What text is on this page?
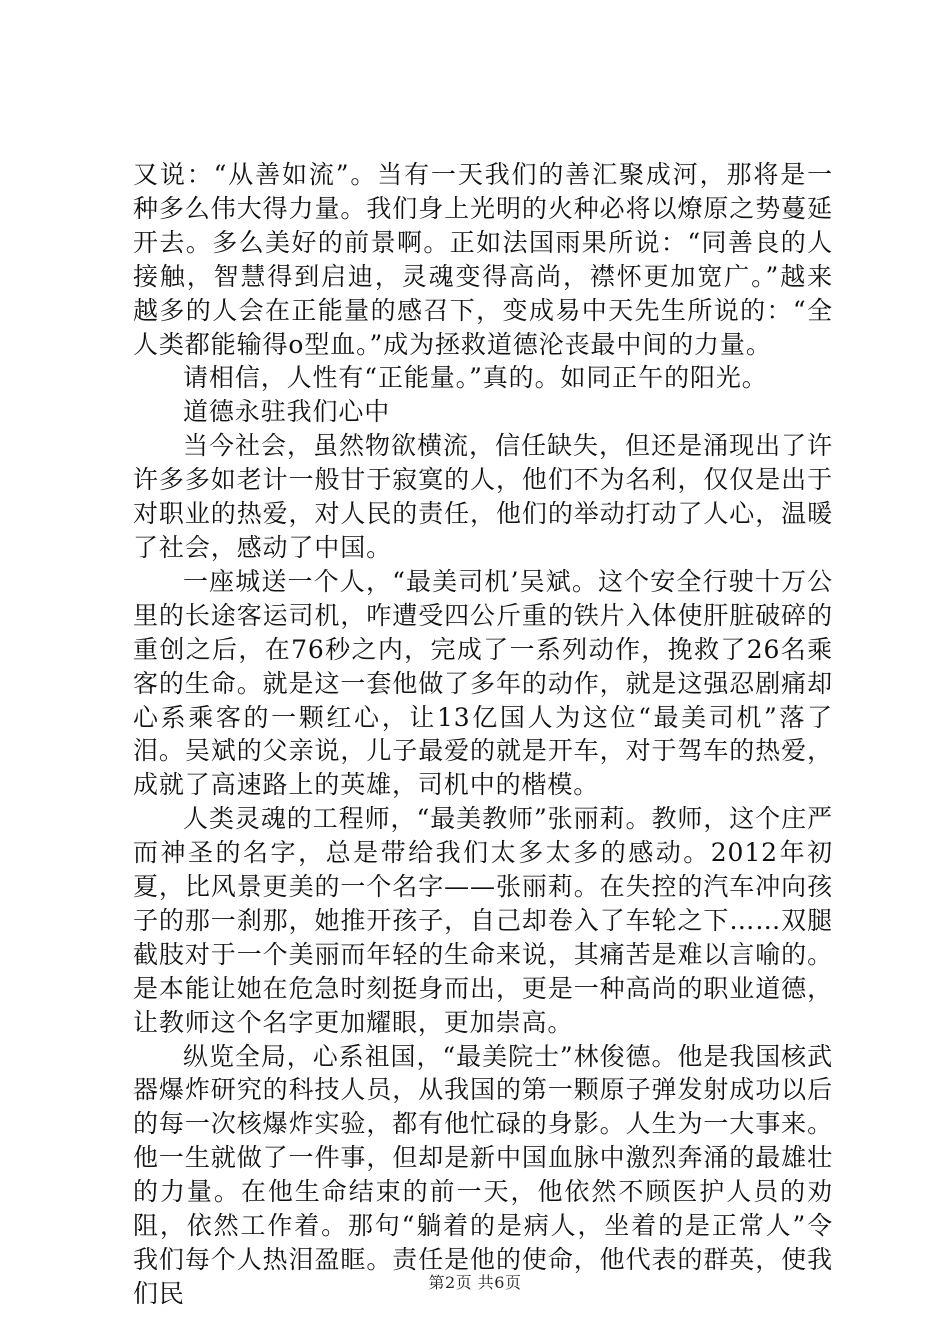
又说：“从善如流”。当有一天我们的善汇聚成河，那将是一种多么伟大得力量。我们身上光明的火种必将以燎原之势蔓延开去。多么美好的前景啊。正如法国雨果所说：“同善良的人接触，智慧得到启迪，灵魂变得高尚，襟怀更加宽广。”越来越多的人会在正能量的感召下，变成易中天先生所说的：“全人类都能输得o型血。”成为拯救道德沦丧最中间的力量。

请相信，人性有“正能量。”真的。如同正午的阳光。

道德永驻我们心中

当今社会，虽然物欲横流，信任缺失，但还是涌现出了许许多多如老计一般甘于寂寞的人，他们不为名利，仅仅是出于对职业的热爱，对人民的责任，他们的举动打动了人心，温暖了社会，感动了中国。

一座城送一个人，“最美司机’吴斌。这个安全行驶十万公里的长途客运司机，咋遭受四公斤重的铁片入体使肝脏破碎的重创之后，在76秒之内，完成了一系列动作，挽救了26名乘客的生命。就是这一套他做了多年的动作，就是这强忍剧痛却心系乘客的一颗红心，让13亿国人为这位“最美司机”落了泪。吴斌的父亲说，儿子最爱的就是开车，对于驾车的热爱，成就了高速路上的英雄，司机中的楷模。

人类灵魂的工程师，“最美教师”张丽莉。教师，这个庄严而神圣的名字，总是带给我们太多太多的感动。2012年初夏，比风景更美的一个名字——张丽莉。在失控的汽车冲向孩子的那一刹那，她推开孩子，自己却卷入了车轮之下……双腿截肢对于一个美丽而年轻的生命来说，其痛苦是难以言喻的。是本能让她在危急时刻挺身而出，更是一种高尚的职业道德，让教师这个名字更加耀眼，更加崇高。

纵览全局，心系祖国，“最美院士”林俊德。他是我国核武器爆炸研究的科技人员，从我国的第一颗原子弹发射成功以后的每一次核爆炸实验，都有他忙碌的身影。人生为一大事来。他一生就做了一件事，但却是新中国血脉中激烈奔涌的最雄壮的力量。在他生命结束的前一天，他依然不顾医护人员的劝阻，依然工作着。那句“躺着的是病人，坐着的是正常人”令我们每个人热泪盈眶。责任是他的使命，他代表的群英，使我们民	第2页 共6页
